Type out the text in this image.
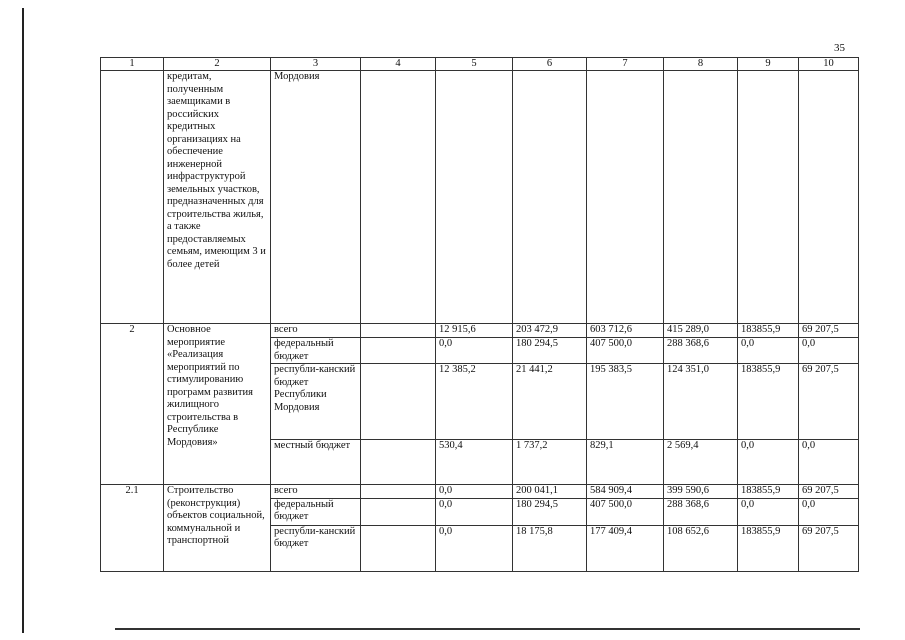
35
1	2	3	4	5	6	7	8	9	10
	кредитам, полученным заемщиками в российских кредитных организациях на обеспечение инженерной инфраструктурой земельных участков, предназначенных для строительства жилья, а также предоставляемых семьям, имеющим 3 и более детей	Мордовия							
2	Основное мероприятие «Реализация мероприятий по стимулированию программ развития жилищного строительства в Республике Мордовия»	всего		12 915,6	203 472,9	603 712,6	415 289,0	183855,9	69 207,5
		федеральный бюджет		0,0	180 294,5	407 500,0	288 368,6	0,0	0,0
		республи-канский бюджет Республики Мордовия		12 385,2	21 441,2	195 383,5	124 351,0	183855,9	69 207,5
		местный бюджет		530,4	1 737,2	829,1	2 569,4	0,0	0,0
2.1	Строительство (реконструкция) объектов социальной, коммунальной и транспортной	всего		0,0	200 041,1	584 909,4	399 590,6	183855,9	69 207,5
		федеральный бюджет		0,0	180 294,5	407 500,0	288 368,6	0,0	0,0
		республи-канский бюджет		0,0	18 175,8	177 409,4	108 652,6	183855,9	69 207,5
